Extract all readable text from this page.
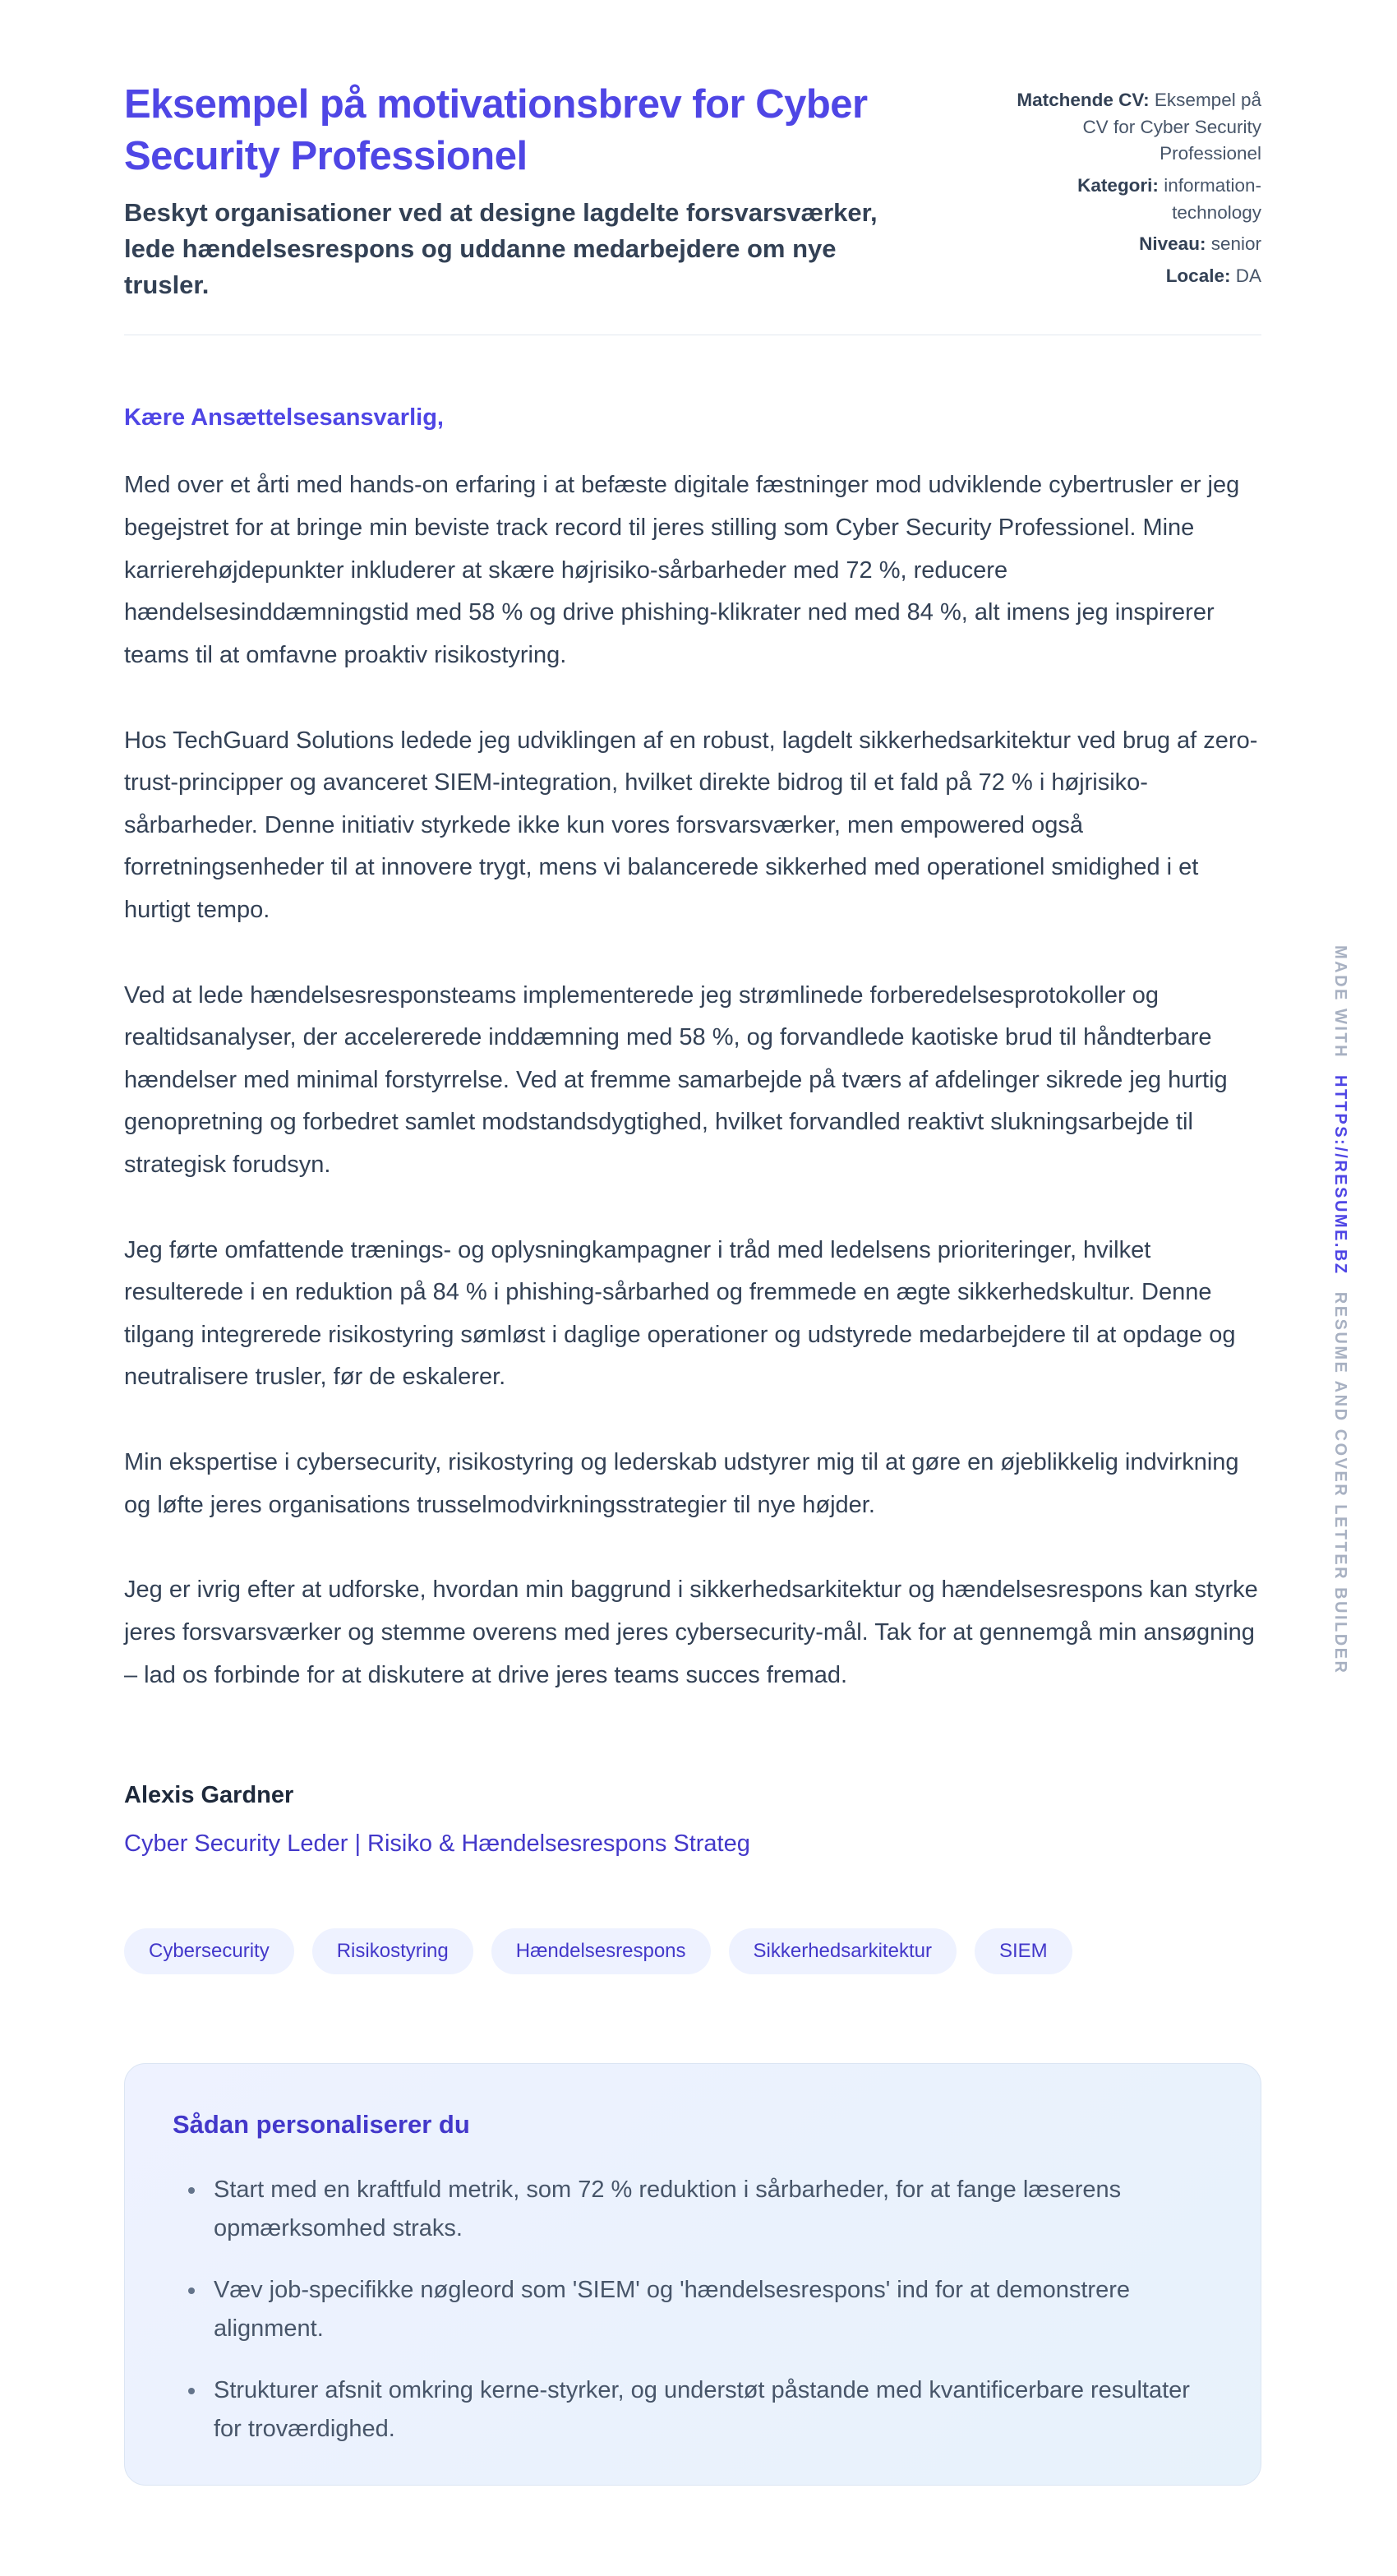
MADE WITH HTTPS://RESUME.BZ RESUME AND COVER LETTER BUILDER
Eksempel på motivationsbrev for Cyber Security Professionel

Beskyt organisationer ved at designe lagdelte forsvarsværker, lede hændelsesrespons og uddanne medarbejdere om nye trusler.

Matchende CV: Eksempel på CV for Cyber Security Professionel

Kategori: information-technology

Niveau: senior

Locale: DA

Kære Ansættelsesansvarlig,

Med over et årti med hands-on erfaring i at befæste digitale fæstninger mod udviklende cybertrusler er jeg begejstret for at bringe min beviste track record til jeres stilling som Cyber Security Professionel. Mine karrierehøjdepunkter inkluderer at skære højrisiko-sårbarheder med 72 %, reducere hændelsesinddæmningstid med 58 % og drive phishing-klikrater ned med 84 %, alt imens jeg inspirerer teams til at omfavne proaktiv risikostyring.

Hos TechGuard Solutions ledede jeg udviklingen af en robust, lagdelt sikkerhedsarkitektur ved brug af zero-trust-principper og avanceret SIEM-integration, hvilket direkte bidrog til et fald på 72 % i højrisiko-sårbarheder. Denne initiativ styrkede ikke kun vores forsvarsværker, men empowered også forretningsenheder til at innovere trygt, mens vi balancerede sikkerhed med operationel smidighed i et hurtigt tempo.

Ved at lede hændelsesresponsteams implementerede jeg strømlinede forberedelsesprotokoller og realtidsanalyser, der accelererede inddæmning med 58 %, og forvandlede kaotiske brud til håndterbare hændelser med minimal forstyrrelse. Ved at fremme samarbejde på tværs af afdelinger sikrede jeg hurtig genopretning og forbedret samlet modstandsdygtighed, hvilket forvandled reaktivt slukningsarbejde til strategisk forudsyn.

Jeg førte omfattende trænings- og oplysningkampagner i tråd med ledelsens prioriteringer, hvilket resulterede i en reduktion på 84 % i phishing-sårbarhed og fremmede en ægte sikkerhedskultur. Denne tilgang integrerede risikostyring sømløst i daglige operationer og udstyrede medarbejdere til at opdage og neutralisere trusler, før de eskalerer.

Min ekspertise i cybersecurity, risikostyring og lederskab udstyrer mig til at gøre en øjeblikkelig indvirkning og løfte jeres organisations trusselmodvirkningsstrategier til nye højder.

Jeg er ivrig efter at udforske, hvordan min baggrund i sikkerhedsarkitektur og hændelsesrespons kan styrke jeres forsvarsværker og stemme overens med jeres cybersecurity-mål. Tak for at gennemgå min ansøgning – lad os forbinde for at diskutere at drive jeres teams succes fremad.

Alexis Gardner

Cyber Security Leder | Risiko & Hændelsesrespons Strateg

Cybersecurity	Risikostyring	Hændelsesrespons	Sikkerhedsarkitektur	SIEM
Sådan personaliserer du
• Start med en kraftfuld metrik, som 72 % reduktion i sårbarheder, for at fange læserens opmærksomhed straks.
• Væv job-specifikke nøgleord som 'SIEM' og 'hændelsesrespons' ind for at demonstrere alignment.
• Strukturer afsnit omkring kerne-styrker, og understøt påstande med kvantificerbare resultater for troværdighed.
